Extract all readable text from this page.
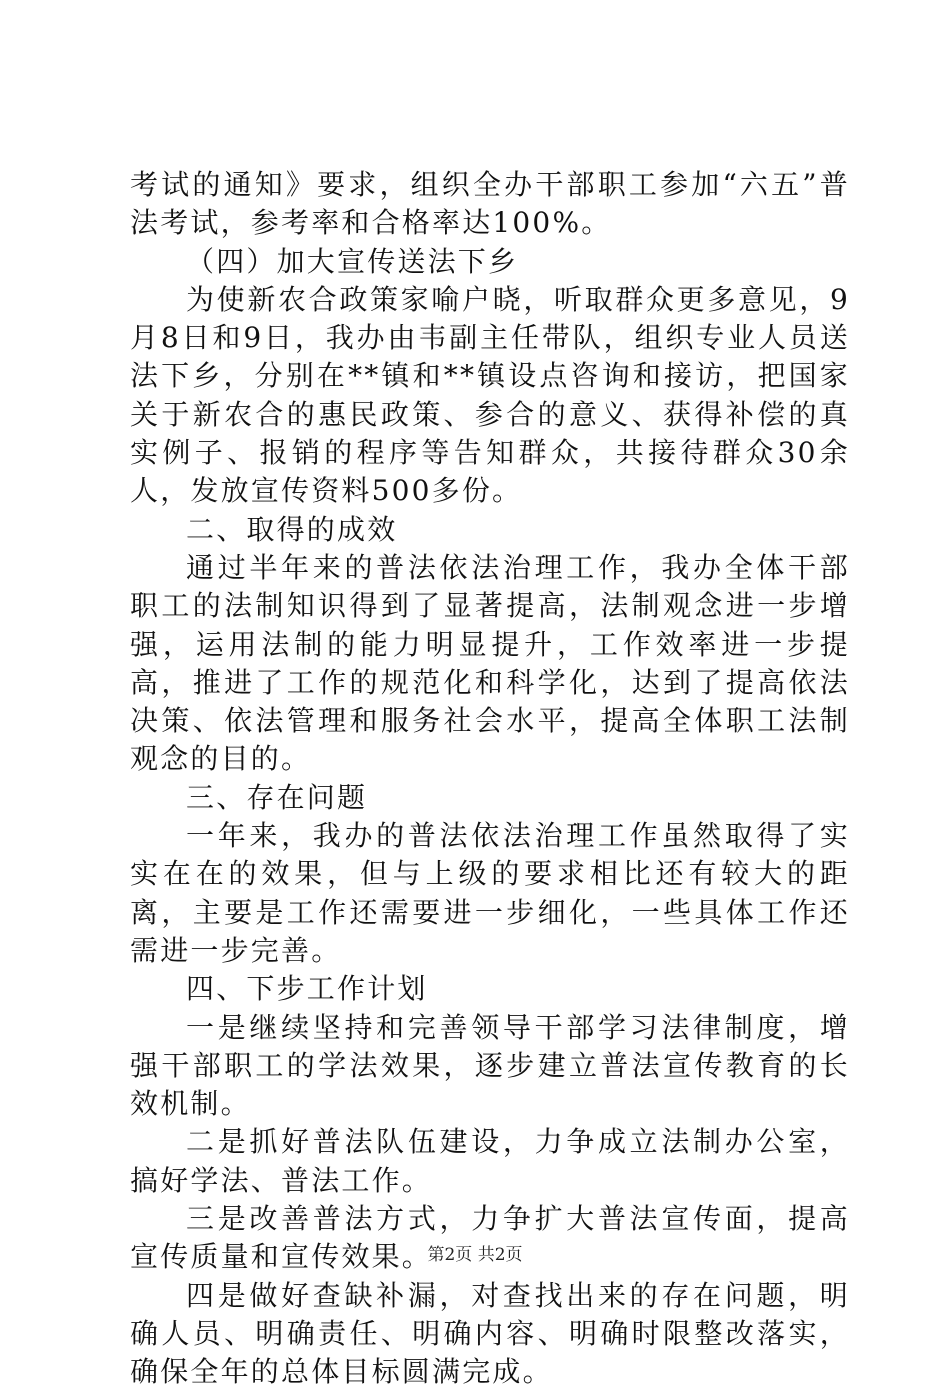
考试的通知》要求，组织全办干部职工参加“六五”普法考试，参考率和合格率达100%。

（四）加大宣传送法下乡

为使新农合政策家喻户晓，听取群众更多意见，9月8日和9日，我办由韦副主任带队，组织专业人员送法下乡，分别在**镇和**镇设点咨询和接访，把国家关于新农合的惠民政策、参合的意义、获得补偿的真实例子、报销的程序等告知群众，共接待群众30余人，发放宣传资料500多份。

二、取得的成效

通过半年来的普法依法治理工作，我办全体干部职工的法制知识得到了显著提高，法制观念进一步增强，运用法制的能力明显提升，工作效率进一步提高，推进了工作的规范化和科学化，达到了提高依法决策、依法管理和服务社会水平，提高全体职工法制观念的目的。

三、存在问题

一年来，我办的普法依法治理工作虽然取得了实实在在的效果，但与上级的要求相比还有较大的距离，主要是工作还需要进一步细化，一些具体工作还需进一步完善。

四、下步工作计划

一是继续坚持和完善领导干部学习法律制度，增强干部职工的学法效果，逐步建立普法宣传教育的长效机制。

二是抓好普法队伍建设，力争成立法制办公室，搞好学法、普法工作。

三是改善普法方式，力争扩大普法宣传面，提高宣传质量和宣传效果。

四是做好查缺补漏，对查找出来的存在问题，明确人员、明确责任、明确内容、明确时限整改落实，确保全年的总体目标圆满完成。

第2页 共2页
